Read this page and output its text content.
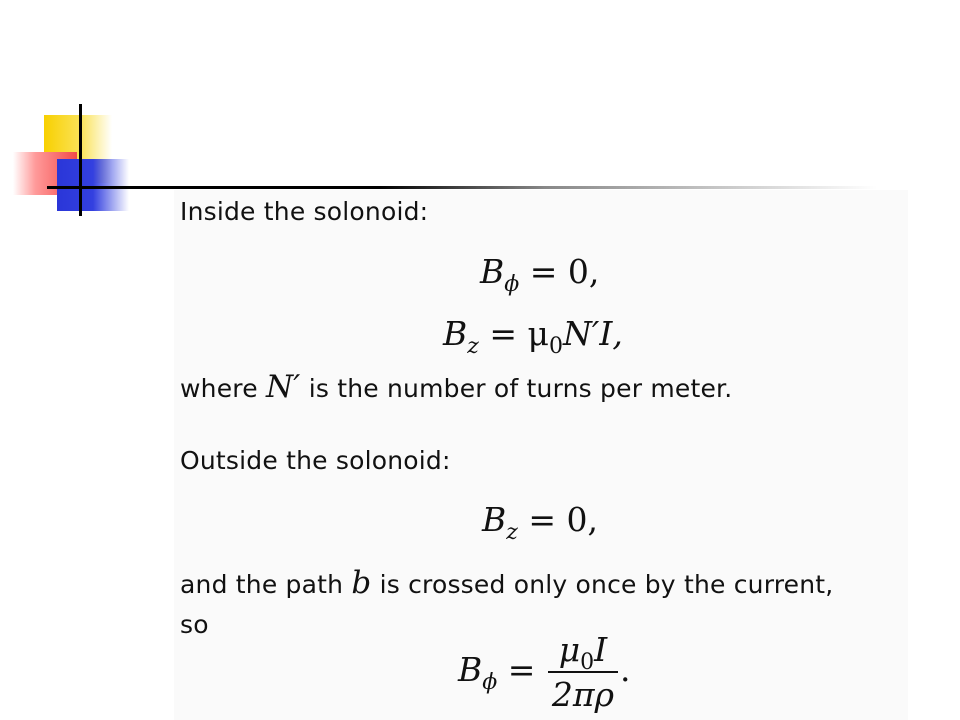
Inside the solonoid:
$B_\phi = 0$,
$B_z = \mu_0N'I$,
where N′ is the number of turns per meter.
Outside the solonoid:
$B_z = 0$,
and the path b is crossed only once by the current,
so
$B_\phi = \frac{\mu_0I}{2\pi\rho}$ .
